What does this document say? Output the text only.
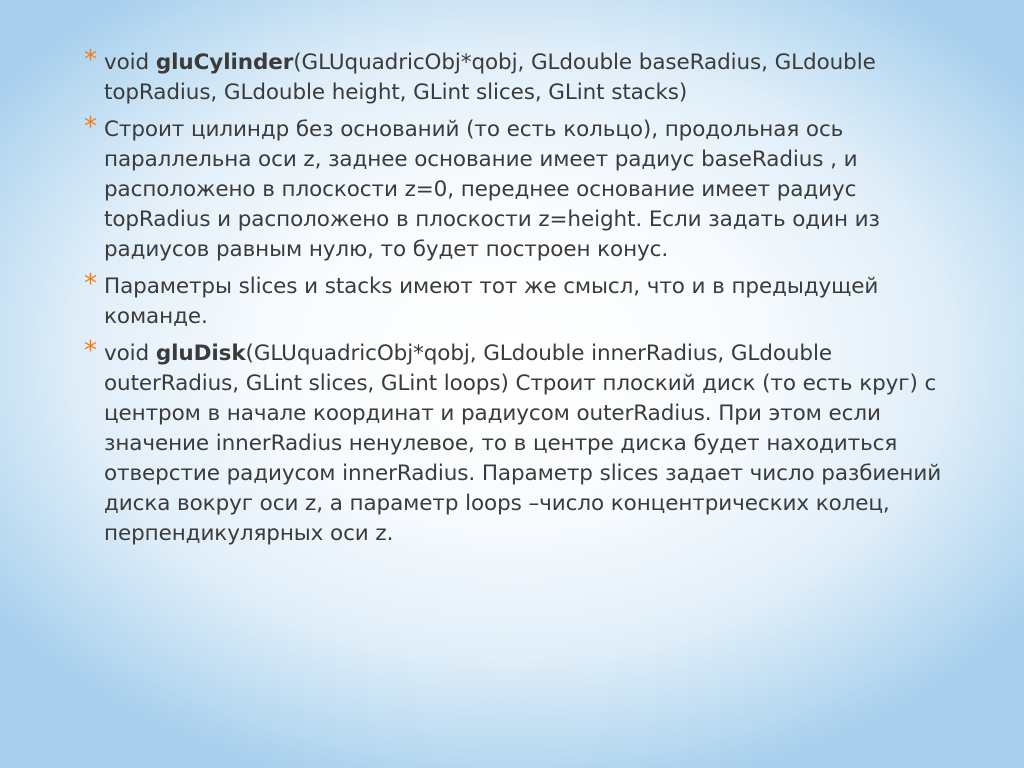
* void gluCylinder(GLUquadricObj*qobj, GLdouble baseRadius, GLdouble topRadius, GLdouble height, GLint slices, GLint stacks)
* Строит цилиндр без оснований (то есть кольцо), продольная ось параллельна оси z, заднее основание имеет радиус baseRadius , и расположено в плоскости z=0, переднее основание имеет радиус topRadius и расположено в плоскости z=height. Если задать один из радиусов равным нулю, то будет построен конус.
* Параметры slices и stacks имеют тот же смысл, что и в предыдущей команде.
* void gluDisk(GLUquadricObj*qobj, GLdouble innerRadius, GLdouble outerRadius, GLint slices, GLint loops) Строит плоский диск (то есть круг) с центром в начале координат и радиусом outerRadius. При этом если значение innerRadius ненулевое, то в центре диска будет находиться отверстие радиусом innerRadius. Параметр slices задает число разбиений диска вокруг оси z, а параметр loops –число концентрических колец, перпендикулярных оси z.
